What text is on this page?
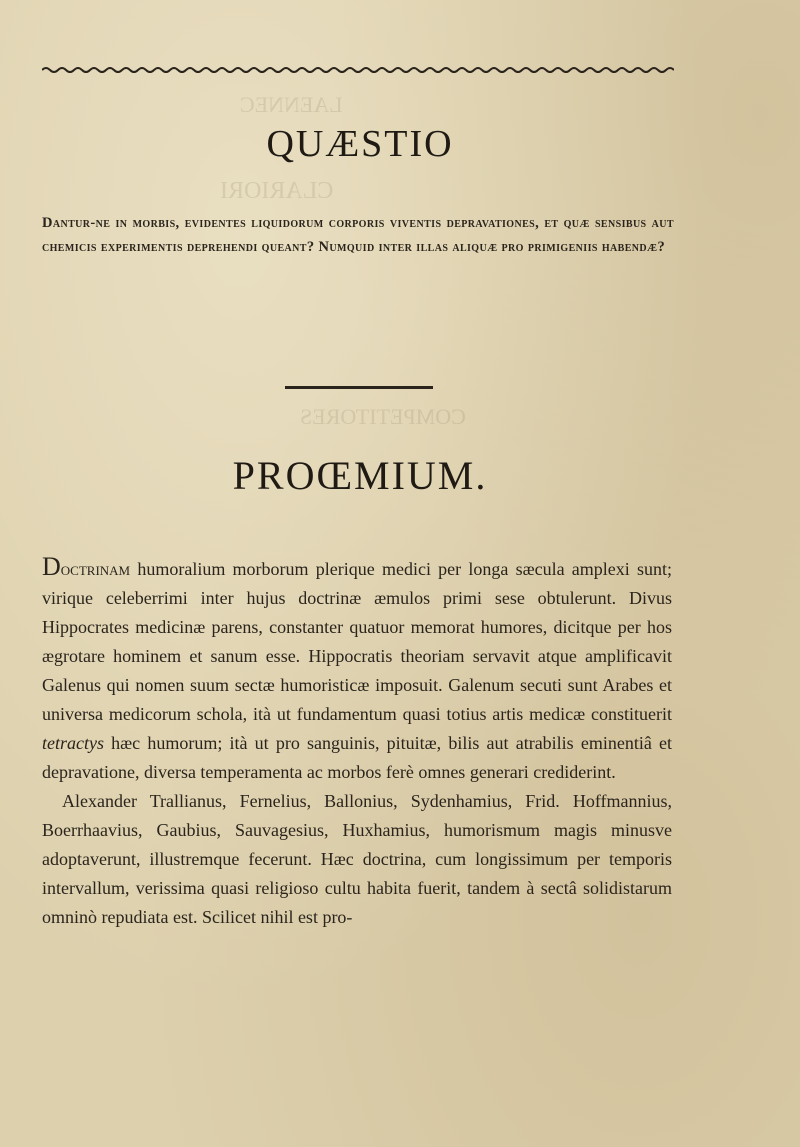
LAENNEC
CLARIORI
COMPETITORES
QUÆSTIO
Dantur-ne in morbis, evidentes liquidorum corporis viventis depravationes, et quæ sensibus aut chemicis experimentis deprehendi queant? Numquid inter illas aliquæ pro primigeniis habendæ?
PROŒMIUM.

Doctrinam humoralium morborum plerique medici per longa sæcula amplexi sunt; virique celeberrimi inter hujus doctrinæ æmulos primi sese obtulerunt. Divus Hippocrates medicinæ parens, constanter quatuor memorat humores, dicitque per hos ægrotare hominem et sanum esse. Hippocratis theoriam servavit atque amplificavit Galenus qui nomen suum sectæ humoristicæ imposuit. Galenum secuti sunt Arabes et universa medicorum schola, ità ut fundamentum quasi totius artis medicæ constituerit tetractys hæc humorum; ità ut pro sanguinis, pituitæ, bilis aut atrabilis eminentiâ et depravatione, diversa temperamenta ac morbos ferè omnes generari crediderint.

Alexander Trallianus, Fernelius, Ballonius, Sydenhamius, Frid. Hoffmannius, Boerrhaavius, Gaubius, Sauvagesius, Huxhamius, humorismum magis minusve adoptaverunt, illustremque fecerunt. Hæc doctrina, cum longissimum per temporis intervallum, verissima quasi religioso cultu habita fuerit, tandem à sectâ solidistarum omninò repudiata est. Scilicet nihil est pro-
